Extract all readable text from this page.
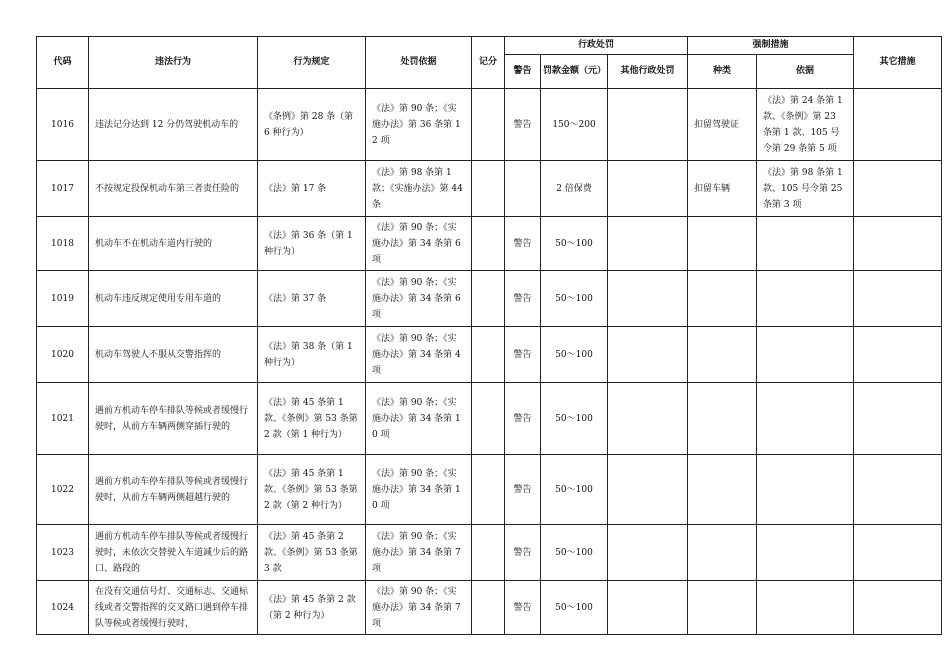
代码	违法行为	行为规定	处罚依据	记分	行政处罚			强制措施		其它措施
					警告	罚款金额（元）	其他行政处罚	种类	依据	
1016	违法记分达到 12 分仍驾驶机动车的	《条例》第 28 条（第 6 种行为）	《法》第 90 条；《实施办法》第 36 条第 12 项		警告	150～200		扣留驾驶证	《法》第 24 条第 1 款、《条例》第 23 条第 1 款、105 号令第 29 条第 5 项	
1017	不按规定投保机动车第三者责任险的	《法》第 17 条	《法》第 98 条第 1 款；《实施办法》第 44 条			2 倍保费		扣留车辆	《法》第 98 条第 1 款、105 号令第 25 条第 3 项	
1018	机动车不在机动车道内行驶的	《法》第 36 条（第 1 种行为）	《法》第 90 条；《实施办法》第 34 条第 6 项		警告	50～100				
1019	机动车违反规定使用专用车道的	《法》第 37 条	《法》第 90 条；《实施办法》第 34 条第 6 项		警告	50～100				
1020	机动车驾驶人不服从交警指挥的	《法》第 38 条（第 1 种行为）	《法》第 90 条；《实施办法》第 34 条第 4 项		警告	50～100				
1021	遇前方机动车停车排队等候或者缓慢行驶时，从前方车辆两侧穿插行驶的	《法》第 45 条第 1 款、《条例》第 53 条第 2 款（第 1 种行为）	《法》第 90 条；《实施办法》第 34 条第 10 项		警告	50～100				
1022	遇前方机动车停车排队等候或者缓慢行驶时，从前方车辆两侧超越行驶的	《法》第 45 条第 1 款、《条例》第 53 条第 2 款（第 2 种行为）	《法》第 90 条；《实施办法》第 34 条第 10 项		警告	50～100				
1023	遇前方机动车停车排队等候或者缓慢行驶时，未依次交替驶入车道减少后的路口、路段的	《法》第 45 条第 2 款、《条例》第 53 条第 3 款	《法》第 90 条；《实施办法》第 34 条第 7 项		警告	50～100				
1024	在没有交通信号灯、交通标志、交通标线或者交警指挥的交叉路口遇到停车排队等候或者缓慢行驶时，	《法》第 45 条第 2 款（第 2 种行为）	《法》第 90 条；《实施办法》第 34 条第 7 项		警告	50～100				
